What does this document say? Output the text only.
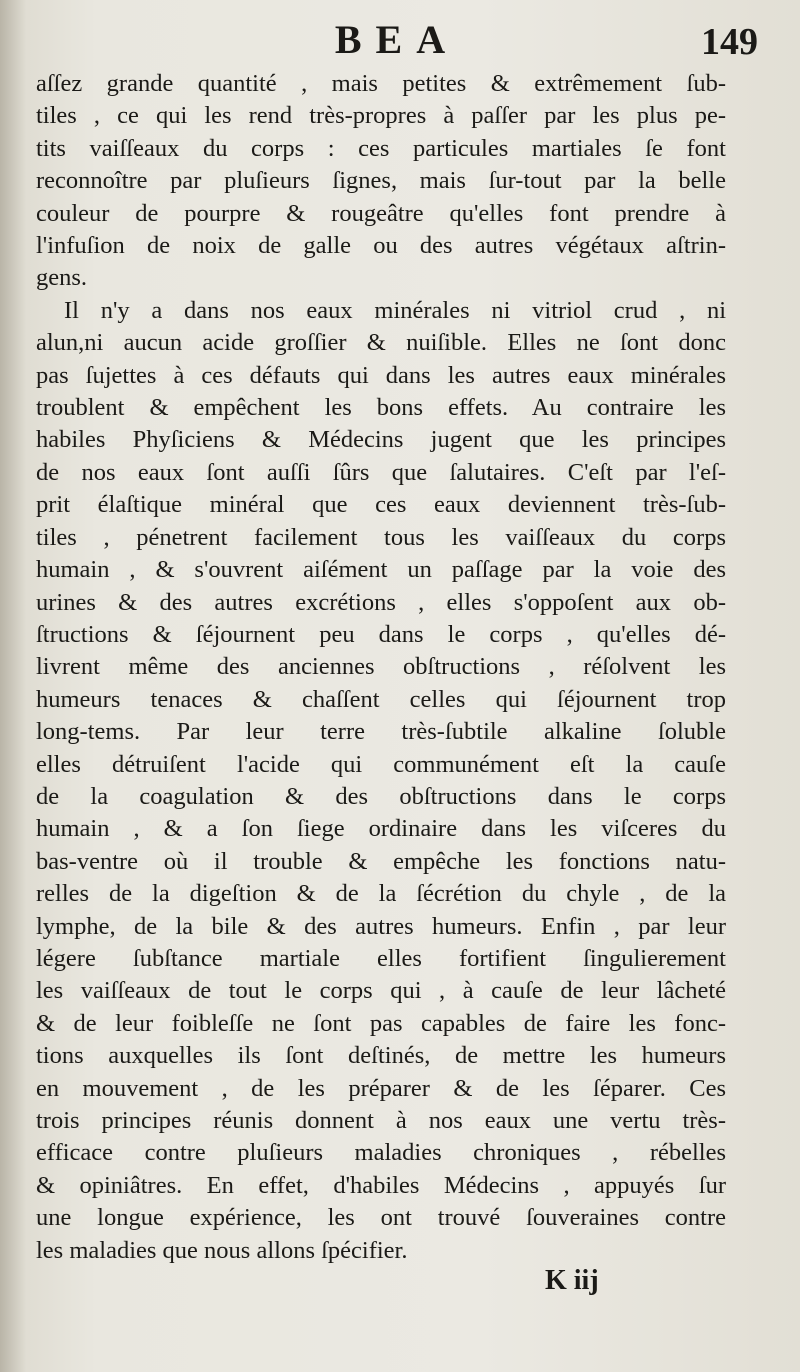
BEA	149
aſſez grande quantité , mais petites & extrêmement ſub-
tiles , ce qui les rend très-propres à paſſer par les plus pe-
tits vaiſſeaux du corps : ces particules martiales ſe font
reconnoître par pluſieurs ſignes, mais ſur-tout par la belle
couleur de pourpre & rougeâtre qu'elles font prendre à
l'infuſion de noix de galle ou des autres végétaux aſtrin-
gens.
Il n'y a dans nos eaux minérales ni vitriol crud , ni
alun,ni aucun acide groſſier & nuiſible. Elles ne ſont donc
pas ſujettes à ces défauts qui dans les autres eaux minérales
troublent & empêchent les bons effets. Au contraire les
habiles Phyſiciens & Médecins jugent que les principes
de nos eaux ſont auſſi ſûrs que ſalutaires. C'eſt par l'eſ-
prit élaſtique minéral que ces eaux deviennent très-ſub-
tiles , pénetrent facilement tous les vaiſſeaux du corps
humain , & s'ouvrent aiſément un paſſage par la voie des
urines & des autres excrétions , elles s'oppoſent aux ob-
ſtructions & ſéjournent peu dans le corps , qu'elles dé-
livrent même des anciennes obſtructions , réſolvent les
humeurs tenaces & chaſſent celles qui ſéjournent trop
long-tems. Par leur terre très-ſubtile alkaline ſoluble
elles détruiſent l'acide qui communément eſt la cauſe
de la coagulation & des obſtructions dans le corps
humain , & a ſon ſiege ordinaire dans les viſceres du
bas-ventre où il trouble & empêche les fonctions natu-
relles de la digeſtion & de la ſécrétion du chyle , de la
lymphe, de la bile & des autres humeurs. Enfin , par leur
légere ſubſtance martiale elles fortifient ſingulierement
les vaiſſeaux de tout le corps qui , à cauſe de leur lâcheté
& de leur foibleſſe ne ſont pas capables de faire les fonc-
tions auxquelles ils ſont deſtinés, de mettre les humeurs
en mouvement , de les préparer & de les ſéparer. Ces
trois principes réunis donnent à nos eaux une vertu très-
efficace contre pluſieurs maladies chroniques , rébelles
& opiniâtres. En effet, d'habiles Médecins , appuyés ſur
une longue expérience, les ont trouvé ſouveraines contre
les maladies que nous allons ſpécifier.
K iij
